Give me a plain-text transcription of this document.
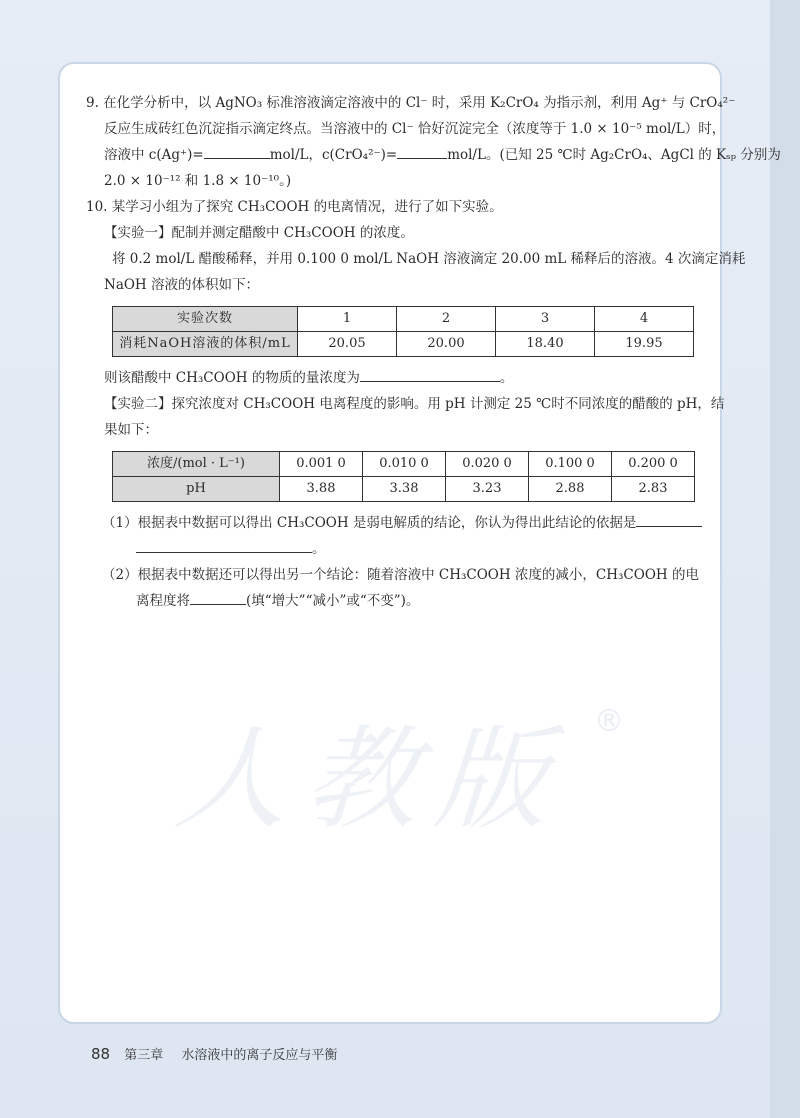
人教版
®

9. 在化学分析中，以 AgNO₃ 标准溶液滴定溶液中的 Cl⁻ 时，采用 K₂CrO₄ 为指示剂，利用 Ag⁺ 与 CrO₄²⁻

反应生成砖红色沉淀指示滴定终点。当溶液中的 Cl⁻ 恰好沉淀完全（浓度等于 1.0 × 10⁻⁵ mol/L）时，

溶液中 c(Ag⁺)=	mol/L，c(CrO₄²⁻)=	mol/L。(已知 25 ℃时 Ag₂CrO₄、AgCl 的 Kₛₚ 分别为

2.0 × 10⁻¹² 和 1.8 × 10⁻¹⁰。)

10. 某学习小组为了探究 CH₃COOH 的电离情况，进行了如下实验。

【实验一】配制并测定醋酸中 CH₃COOH 的浓度。

将 0.2 mol/L 醋酸稀释，并用 0.100 0 mol/L NaOH 溶液滴定 20.00 mL 稀释后的溶液。4 次滴定消耗

NaOH 溶液的体积如下：

实验次数	1	2	3	4
消耗NaOH溶液的体积/mL	20.05	20.00	18.40	19.95

则该醋酸中 CH₃COOH 的物质的量浓度为	。

【实验二】探究浓度对 CH₃COOH 电离程度的影响。用 pH 计测定 25 ℃时不同浓度的醋酸的 pH，结

果如下：

浓度/(mol · L⁻¹)	0.001 0	0.010 0	0.020 0	0.100 0	0.200 0
pH	3.88	3.38	3.23	2.88	2.83

（1）根据表中数据可以得出 CH₃COOH 是弱电解质的结论，你认为得出此结论的依据是

。

（2）根据表中数据还可以得出另一个结论：随着溶液中 CH₃COOH 浓度的减小，CH₃COOH 的电

离程度将	(填“增大”“减小”或“不变”)。

88 第三章 水溶液中的离子反应与平衡
